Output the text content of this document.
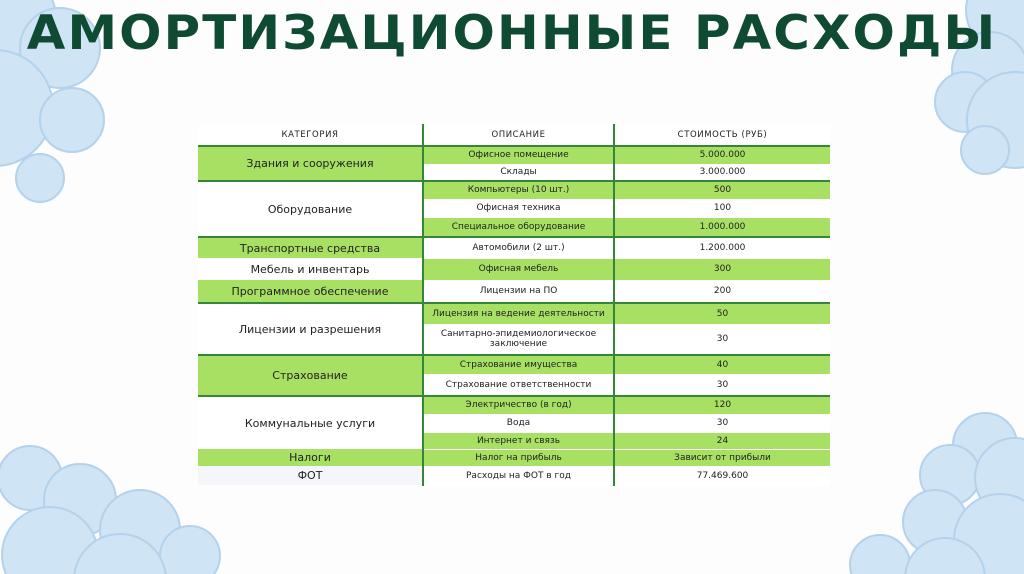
АМОРТИЗАЦИОННЫЕ РАСХОДЫ
КАТЕГОРИЯ	ОПИСАНИЕ	СТОИМОСТЬ (РУБ)
Здания и сооружения	Офисное помещение	5.000.000
	Склады	3.000.000
Оборудование	Компьютеры (10 шт.)	500
	Офисная техника	100
	Специальное оборудование	1.000.000
Транспортные средства	Автомобили (2 шт.)	1.200.000
Мебель и инвентарь	Офисная мебель	300
Программное обеспечение	Лицензии на ПО	200
Лицензии и разрешения	Лицензия на ведение деятельности	50
	Санитарно-эпидемиологическое заключение	30
Страхование	Страхование имущества	40
	Страхование ответственности	30
Коммунальные услуги	Электричество (в год)	120
	Вода	30
	Интернет и связь	24
Налоги	Налог на прибыль	Зависит от прибыли
ФОТ	Расходы на ФОТ в год	77.469.600
